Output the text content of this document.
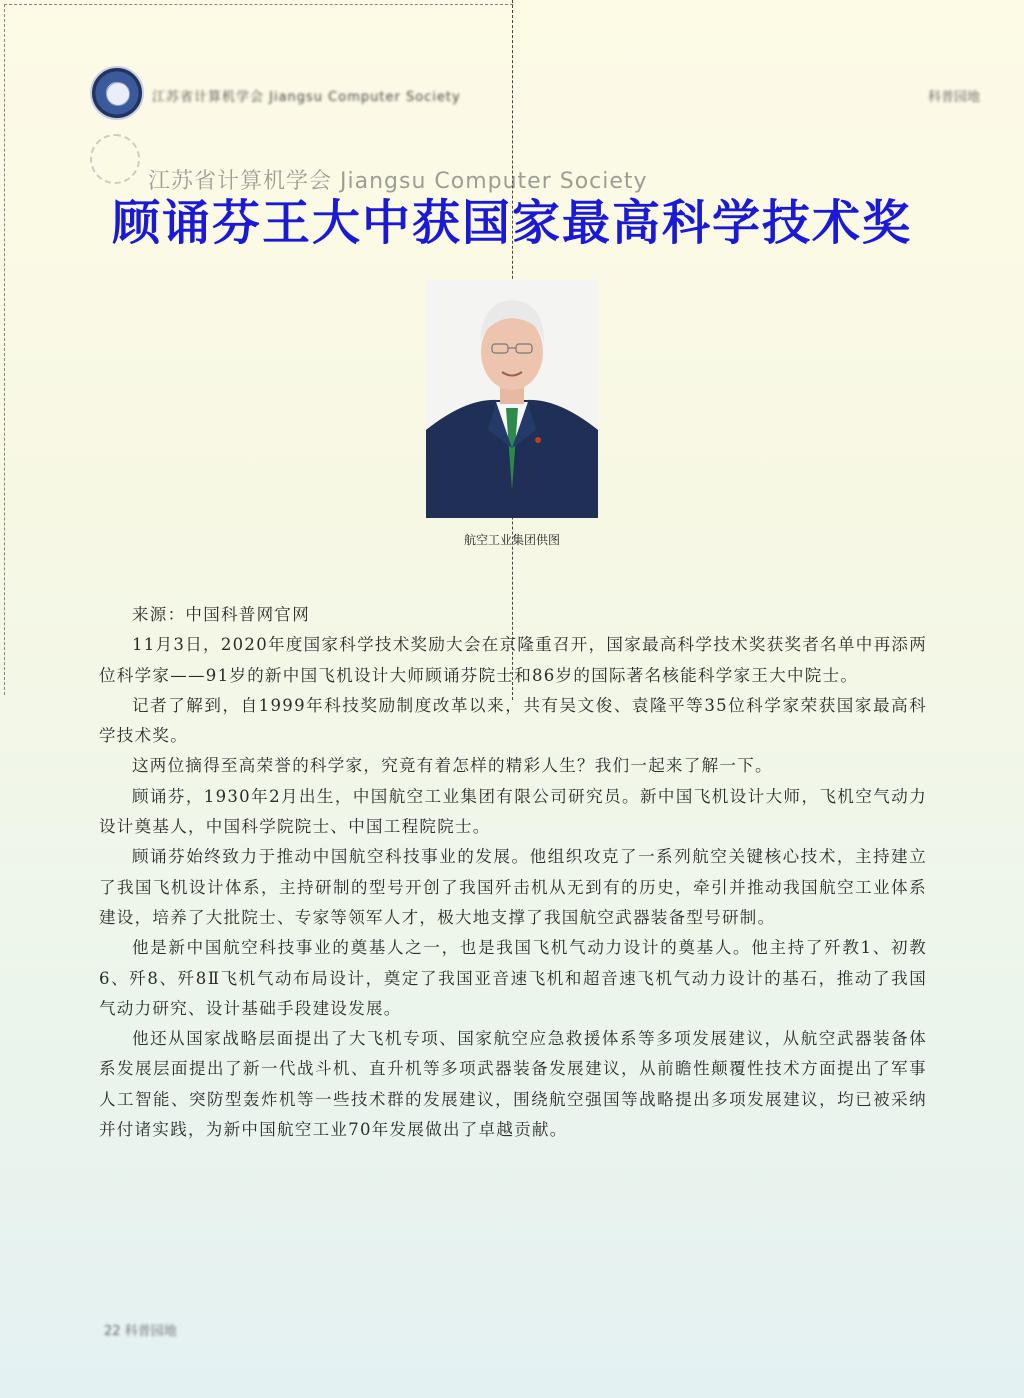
江苏省计算机学会 Jiangsu Computer Society	科普园地
江苏省计算机学会 Jiangsu Computer Society
顾诵芬王大中获国家最高科学技术奖
航空工业集团供图

来源：中国科普网官网

11月3日，2020年度国家科学技术奖励大会在京隆重召开，国家最高科学技术奖获奖者名单中再添两位科学家——91岁的新中国飞机设计大师顾诵芬院士和86岁的国际著名核能科学家王大中院士。

记者了解到，自1999年科技奖励制度改革以来，共有吴文俊、袁隆平等35位科学家荣获国家最高科学技术奖。

这两位摘得至高荣誉的科学家，究竟有着怎样的精彩人生？我们一起来了解一下。

顾诵芬，1930年2月出生，中国航空工业集团有限公司研究员。新中国飞机设计大师，飞机空气动力设计奠基人，中国科学院院士、中国工程院院士。

顾诵芬始终致力于推动中国航空科技事业的发展。他组织攻克了一系列航空关键核心技术，主持建立了我国飞机设计体系，主持研制的型号开创了我国歼击机从无到有的历史，牵引并推动我国航空工业体系建设，培养了大批院士、专家等领军人才，极大地支撑了我国航空武器装备型号研制。

他是新中国航空科技事业的奠基人之一，也是我国飞机气动力设计的奠基人。他主持了歼教1、初教6、歼8、歼8Ⅱ飞机气动布局设计，奠定了我国亚音速飞机和超音速飞机气动力设计的基石，推动了我国气动力研究、设计基础手段建设发展。

他还从国家战略层面提出了大飞机专项、国家航空应急救援体系等多项发展建议，从航空武器装备体系发展层面提出了新一代战斗机、直升机等多项武器装备发展建议，从前瞻性颠覆性技术方面提出了军事人工智能、突防型轰炸机等一些技术群的发展建议，围绕航空强国等战略提出多项发展建议，均已被采纳并付诸实践，为新中国航空工业70年发展做出了卓越贡献。

22 科普园地
